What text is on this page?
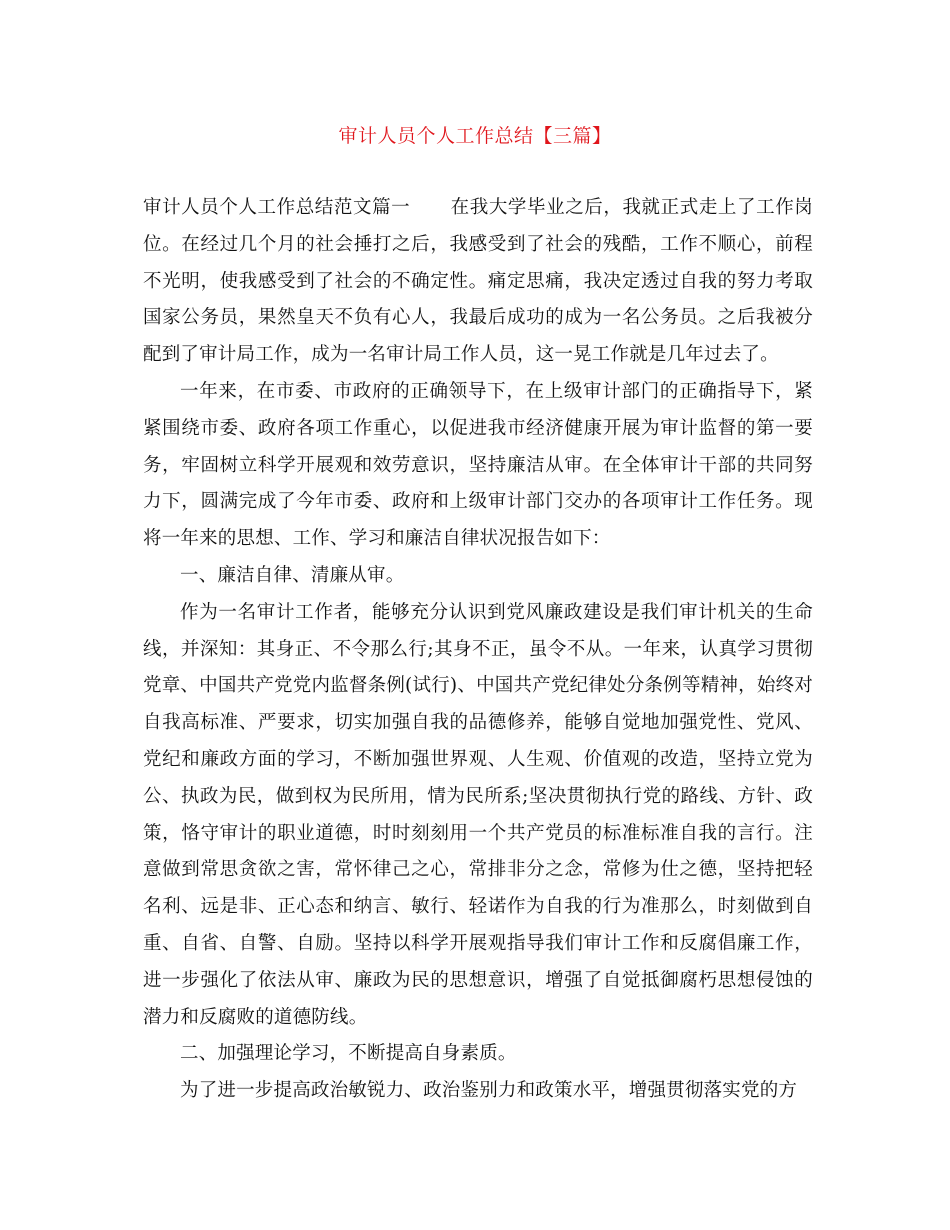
审计人员个人工作总结【三篇】

审计人员个人工作总结范文篇一 在我大学毕业之后，我就正式走上了工作岗位。在经过几个月的社会捶打之后，我感受到了社会的残酷，工作不顺心，前程不光明，使我感受到了社会的不确定性。痛定思痛，我决定透过自我的努力考取国家公务员，果然皇天不负有心人，我最后成功的成为一名公务员。之后我被分配到了审计局工作，成为一名审计局工作人员，这一晃工作就是几年过去了。

一年来，在市委、市政府的正确领导下，在上级审计部门的正确指导下，紧紧围绕市委、政府各项工作重心，以促进我市经济健康开展为审计监督的第一要务，牢固树立科学开展观和效劳意识，坚持廉洁从审。在全体审计干部的共同努力下，圆满完成了今年市委、政府和上级审计部门交办的各项审计工作任务。现将一年来的思想、工作、学习和廉洁自律状况报告如下：

一、廉洁自律、清廉从审。

作为一名审计工作者，能够充分认识到党风廉政建设是我们审计机关的生命线，并深知：其身正、不令那么行;其身不正，虽令不从。一年来，认真学习贯彻党章、中国共产党党内监督条例(试行)、中国共产党纪律处分条例等精神，始终对自我高标准、严要求，切实加强自我的品德修养，能够自觉地加强党性、党风、党纪和廉政方面的学习，不断加强世界观、人生观、价值观的改造，坚持立党为公、执政为民，做到权为民所用，情为民所系;坚决贯彻执行党的路线、方针、政策，恪守审计的职业道德，时时刻刻用一个共产党员的标准标准自我的言行。注意做到常思贪欲之害，常怀律己之心，常排非分之念，常修为仕之德，坚持把轻名利、远是非、正心态和纳言、敏行、轻诺作为自我的行为准那么，时刻做到自重、自省、自警、自励。坚持以科学开展观指导我们审计工作和反腐倡廉工作，进一步强化了依法从审、廉政为民的思想意识，增强了自觉抵御腐朽思想侵蚀的潜力和反腐败的道德防线。

二、加强理论学习，不断提高自身素质。

为了进一步提高政治敏锐力、政治鉴别力和政策水平，增强贯彻落实党的方
